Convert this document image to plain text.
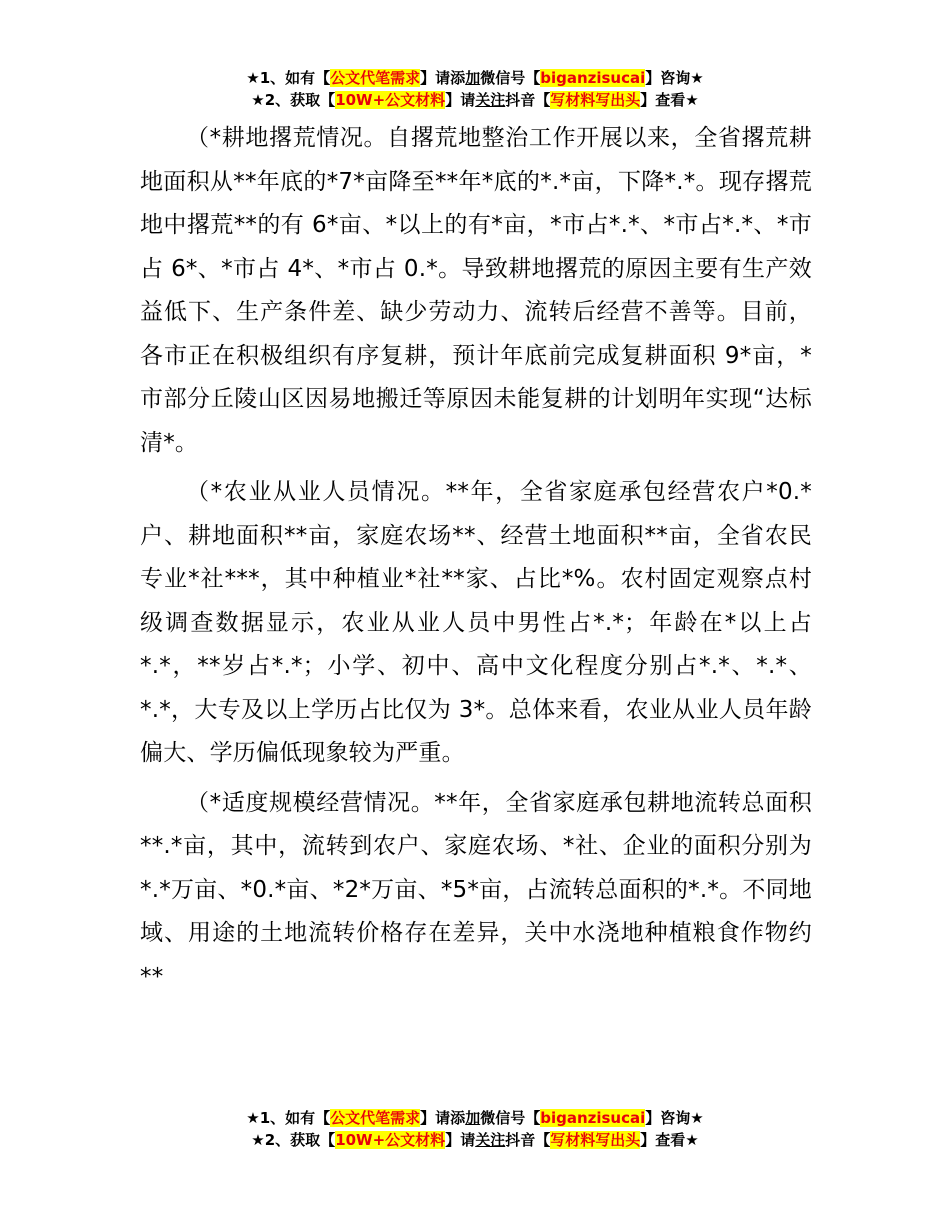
★1、如有【公文代笔需求】请添加微信号【biganzisucai】咨询★
★2、获取【10W+公文材料】请关注抖音【写材料写出头】查看★

（*耕地撂荒情况。自撂荒地整治工作开展以来，全省撂荒耕地面积从**年底的*7*亩降至**年*底的*.*亩，下降*.*。现存撂荒地中撂荒**的有 6*亩、*以上的有*亩，*市占*.*、*市占*.*、*市占 6*、*市占 4*、*市占 0.*。导致耕地撂荒的原因主要有生产效益低下、生产条件差、缺少劳动力、流转后经营不善等。目前，各市正在积极组织有序复耕，预计年底前完成复耕面积 9*亩，*市部分丘陵山区因易地搬迁等原因未能复耕的计划明年实现“达标清*。

（*农业从业人员情况。**年，全省家庭承包经营农户*0.*户、耕地面积**亩，家庭农场**、经营土地面积**亩，全省农民专业*社***，其中种植业*社**家、占比*%。农村固定观察点村级调查数据显示，农业从业人员中男性占*.*；年龄在*以上占*.*，**岁占*.*；小学、初中、高中文化程度分别占*.*、*.*、*.*，大专及以上学历占比仅为 3*。总体来看，农业从业人员年龄偏大、学历偏低现象较为严重。

（*适度规模经营情况。**年，全省家庭承包耕地流转总面积**.*亩，其中，流转到农户、家庭农场、*社、企业的面积分别为*.*万亩、*0.*亩、*2*万亩、*5*亩，占流转总面积的*.*。不同地域、用途的土地流转价格存在差异，关中水浇地种植粮食作物约**

★1、如有【公文代笔需求】请添加微信号【biganzisucai】咨询★
★2、获取【10W+公文材料】请关注抖音【写材料写出头】查看★
